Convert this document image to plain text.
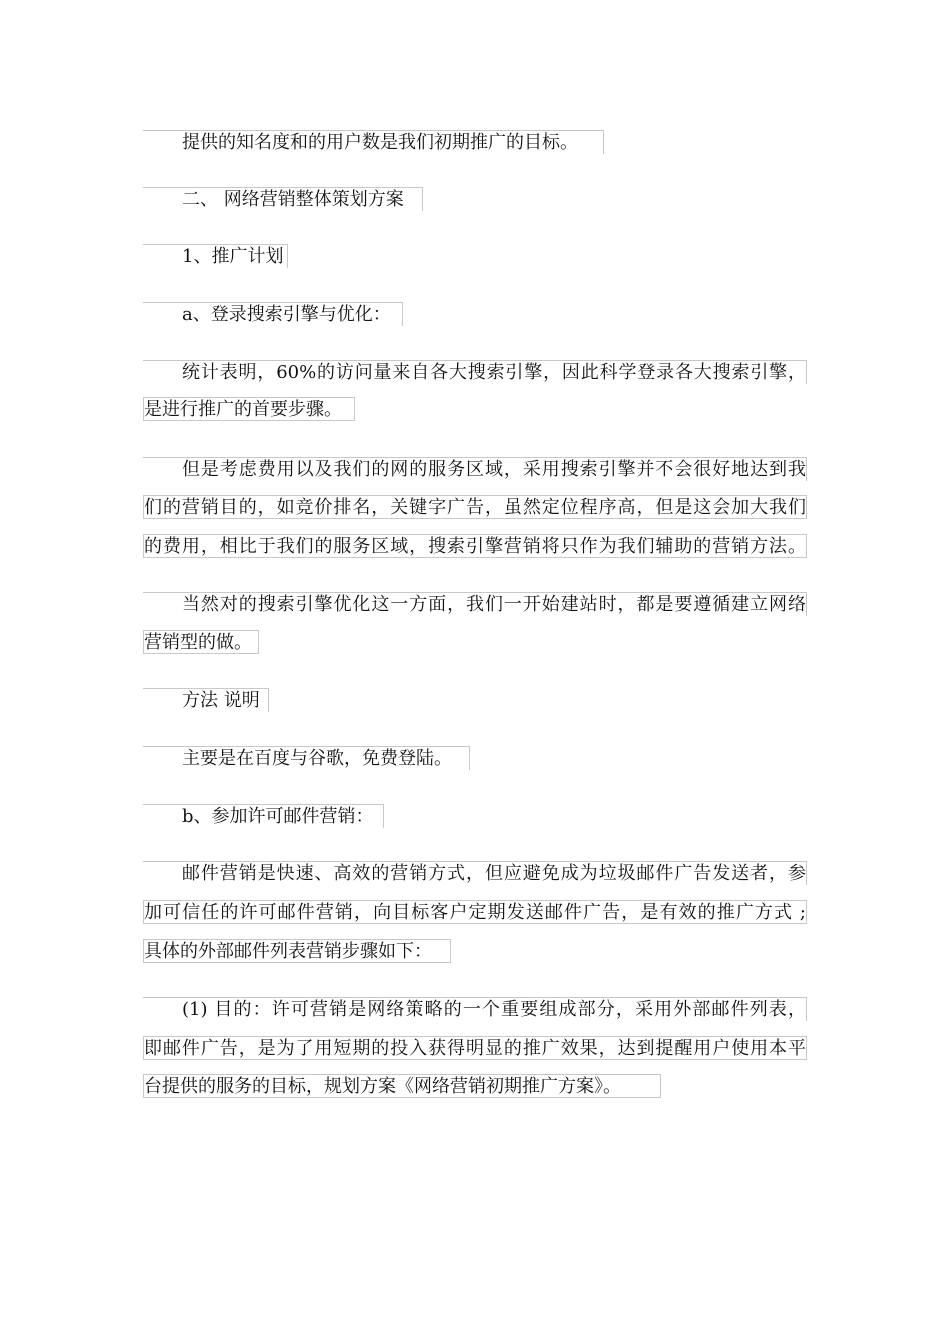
提供的知名度和的用户数是我们初期推广的目标。
二、 网络营销整体策划方案
1、推广计划
a、登录搜索引擎与优化：
统计表明，60%的访问量来自各大搜索引擎，因此科学登录各大搜索引擎，
是进行推广的首要步骤。
但是考虑费用以及我们的网的服务区域，采用搜索引擎并不会很好地达到我
们的营销目的，如竞价排名，关键字广告，虽然定位程序高，但是这会加大我们
的费用，相比于我们的服务区域，搜索引擎营销将只作为我们辅助的营销方法。
当然对的搜索引擎优化这一方面，我们一开始建站时，都是要遵循建立网络
营销型的做。
方法 说明
主要是在百度与谷歌，免费登陆。
b、参加许可邮件营销：
邮件营销是快速、高效的营销方式，但应避免成为垃圾邮件广告发送者，参
加可信任的许可邮件营销，向目标客户定期发送邮件广告，是有效的推广方式 ;
具体的外部邮件列表营销步骤如下：
(1) 目的：许可营销是网络策略的一个重要组成部分，采用外部邮件列表，
即邮件广告，是为了用短期的投入获得明显的推广效果，达到提醒用户使用本平
台提供的服务的目标，规划方案《网络营销初期推广方案》。
